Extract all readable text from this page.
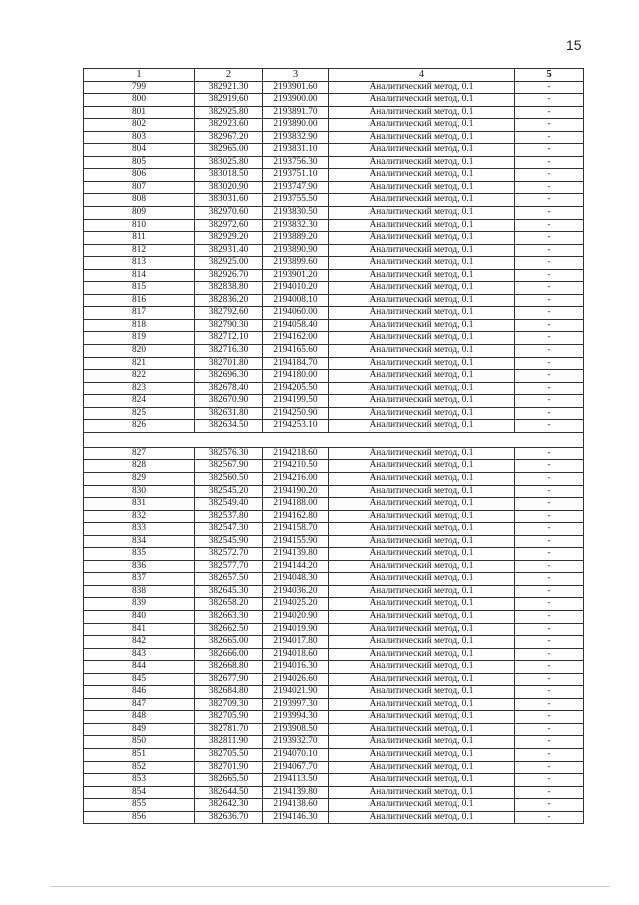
15
1	2	3	4	5
799	382921.30	2193901.60	Аналитический метод, 0.1	-
800	382919.60	2193900.00	Аналитический метод, 0.1	-
801	382925.80	2193891.70	Аналитический метод, 0.1	-
802	382923.60	2193890.00	Аналитический метод, 0.1	-
803	382967.20	2193832.90	Аналитический метод, 0.1	-
804	382965.00	2193831.10	Аналитический метод, 0.1	-
805	383025.80	2193756.30	Аналитический метод, 0.1	-
806	383018.50	2193751.10	Аналитический метод, 0.1	-
807	383020.90	2193747.90	Аналитический метод, 0.1	-
808	383031.60	2193755.50	Аналитический метод, 0.1	-
809	382970.60	2193830.50	Аналитический метод, 0.1	-
810	382972.60	2193832.30	Аналитический метод, 0.1	-
811	382929.20	2193889.20	Аналитический метод, 0.1	-
812	382931.40	2193890.90	Аналитический метод, 0.1	-
813	382925.00	2193899.60	Аналитический метод, 0.1	-
814	382926.70	2193901.20	Аналитический метод, 0.1	-
815	382838.80	2194010.20	Аналитический метод, 0.1	-
816	382836.20	2194008.10	Аналитический метод, 0.1	-
817	382792.60	2194060.00	Аналитический метод, 0.1	-
818	382790.30	2194058.40	Аналитический метод, 0.1	-
819	382712.10	2194162.00	Аналитический метод, 0.1	-
820	382716.30	2194165.60	Аналитический метод, 0.1	-
821	382701.80	2194184.70	Аналитический метод, 0.1	-
822	382696.30	2194180.00	Аналитический метод, 0.1	-
823	382678.40	2194205.50	Аналитический метод, 0.1	-
824	382670.90	2194199.50	Аналитический метод, 0.1	-
825	382631.80	2194250.90	Аналитический метод, 0.1	-
826	382634.50	2194253.10	Аналитический метод, 0.1	-

827	382576.30	2194218.60	Аналитический метод, 0.1	-
828	382567.90	2194210.50	Аналитический метод, 0.1	-
829	382560.50	2194216.00	Аналитический метод, 0.1	-
830	382545.20	2194190.20	Аналитический метод, 0.1	-
831	382549.40	2194188.00	Аналитический метод, 0.1	-
832	382537.80	2194162.80	Аналитический метод, 0.1	-
833	382547.30	2194158.70	Аналитический метод, 0.1	-
834	382545.90	2194155.90	Аналитический метод, 0.1	-
835	382572.70	2194139.80	Аналитический метод, 0.1	-
836	382577.70	2194144.20	Аналитический метод, 0.1	-
837	382657.50	2194048.30	Аналитический метод, 0.1	-
838	382645.30	2194036.20	Аналитический метод, 0.1	-
839	382658.20	2194025.20	Аналитический метод, 0.1	-
840	382663.30	2194020.90	Аналитический метод, 0.1	-
841	382662.50	2194019.90	Аналитический метод, 0.1	-
842	382665.00	2194017.80	Аналитический метод, 0.1	-
843	382666.00	2194018.60	Аналитический метод, 0.1	-
844	382668.80	2194016.30	Аналитический метод, 0.1	-
845	382677.90	2194026.60	Аналитический метод, 0.1	-
846	382684.80	2194021.90	Аналитический метод, 0.1	-
847	382709.30	2193997.30	Аналитический метод, 0.1	-
848	382705.90	2193994.30	Аналитический метод, 0.1	-
849	382781.70	2193908.50	Аналитический метод, 0.1	-
850	382811.90	2193932.70	Аналитический метод, 0.1	-
851	382705.50	2194070.10	Аналитический метод, 0.1	-
852	382701.90	2194067.70	Аналитический метод, 0.1	-
853	382665.50	2194113.50	Аналитический метод, 0.1	-
854	382644.50	2194139.80	Аналитический метод, 0.1	-
855	382642.30	2194138.60	Аналитический метод, 0.1	-
856	382636.70	2194146.30	Аналитический метод, 0.1	-
